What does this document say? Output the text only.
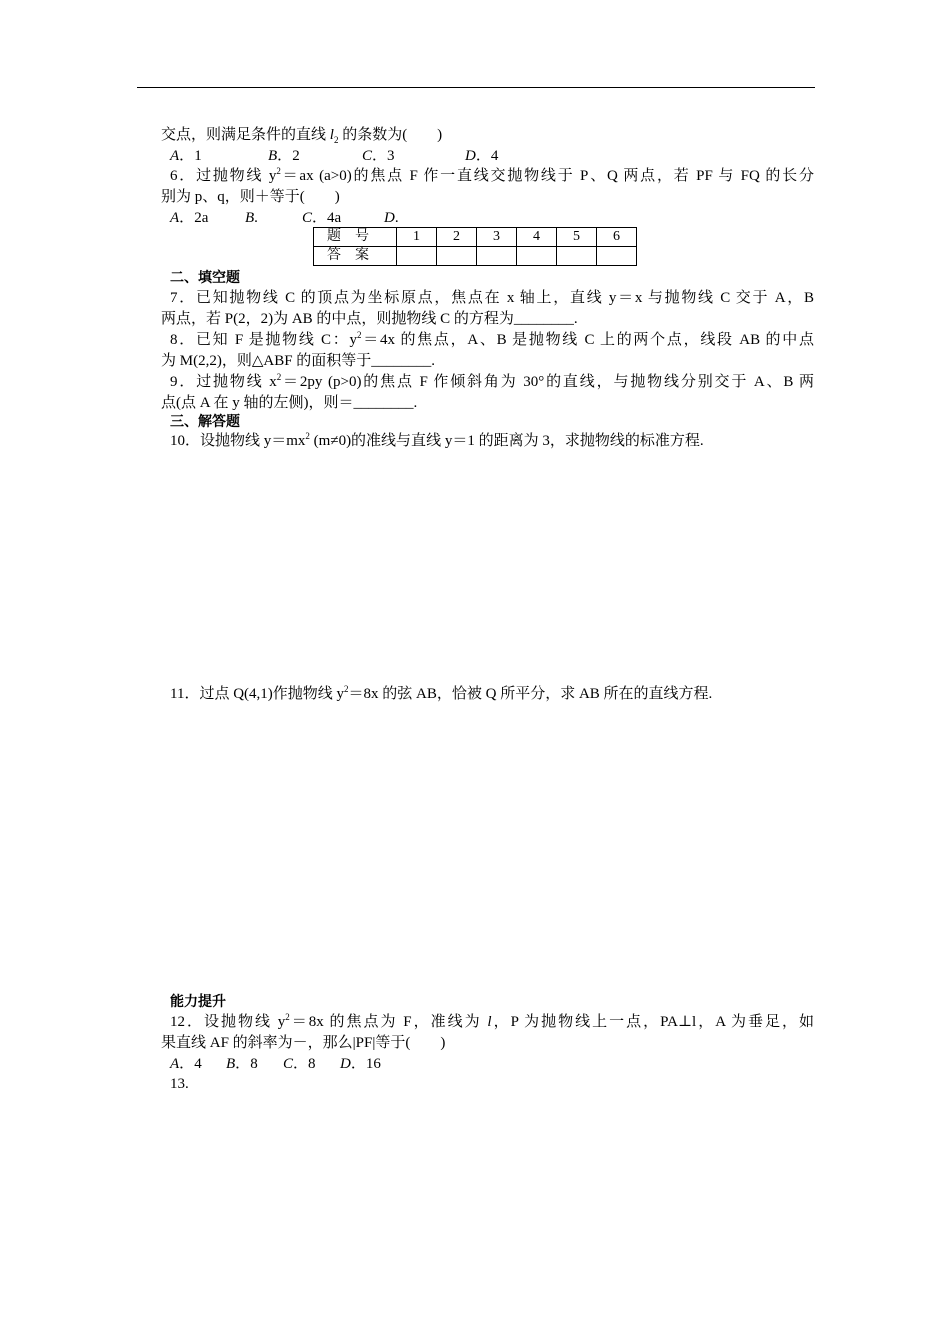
交点，则满足条件的直线 $l_2$ 的条数为(　　)
A．1	B．2	C．3	D．4
6．过抛物线 $y^2=ax$ (a>0)的焦点 F 作一直线交抛物线于 P、Q 两点，若 PF 与 FQ 的长分
别为 p、q，则＋等于(　　)
A．2a B.	C．4a	D.
题号	1	2	3	4	5	6
答案						
二、填空题
7．已知抛物线 C 的顶点为坐标原点，焦点在 x 轴上，直线 y＝x 与抛物线 C 交于 A，B
两点，若 P(2，2)为 AB 的中点，则抛物线 C 的方程为________.
8．已知 F 是抛物线 C：$y^2=4x$ 的焦点，A、B 是抛物线 C 上的两个点，线段 AB 的中点
为 M(2,2)，则△ABF 的面积等于________.
9．过抛物线 $x^2=2py$ (p>0)的焦点 F 作倾斜角为 30°的直线，与抛物线分别交于 A、B 两
点(点 A 在 y 轴的左侧)，则＝________.
三、解答题
10．设抛物线 $y=mx^2$ (m≠0)的准线与直线 y＝1 的距离为 3，求抛物线的标准方程.
11．过点 Q(4,1)作抛物线 $y^2=8x$ 的弦 AB，恰被 Q 所平分，求 AB 所在的直线方程.
能力提升
12．设抛物线 $y^2=8x$ 的焦点为 F，准线为 l，P 为抛物线上一点，PA⊥l，A 为垂足，如
果直线 AF 的斜率为－，那么|PF|等于(　　)
A．4 B．8 C．8 D．16
13.
